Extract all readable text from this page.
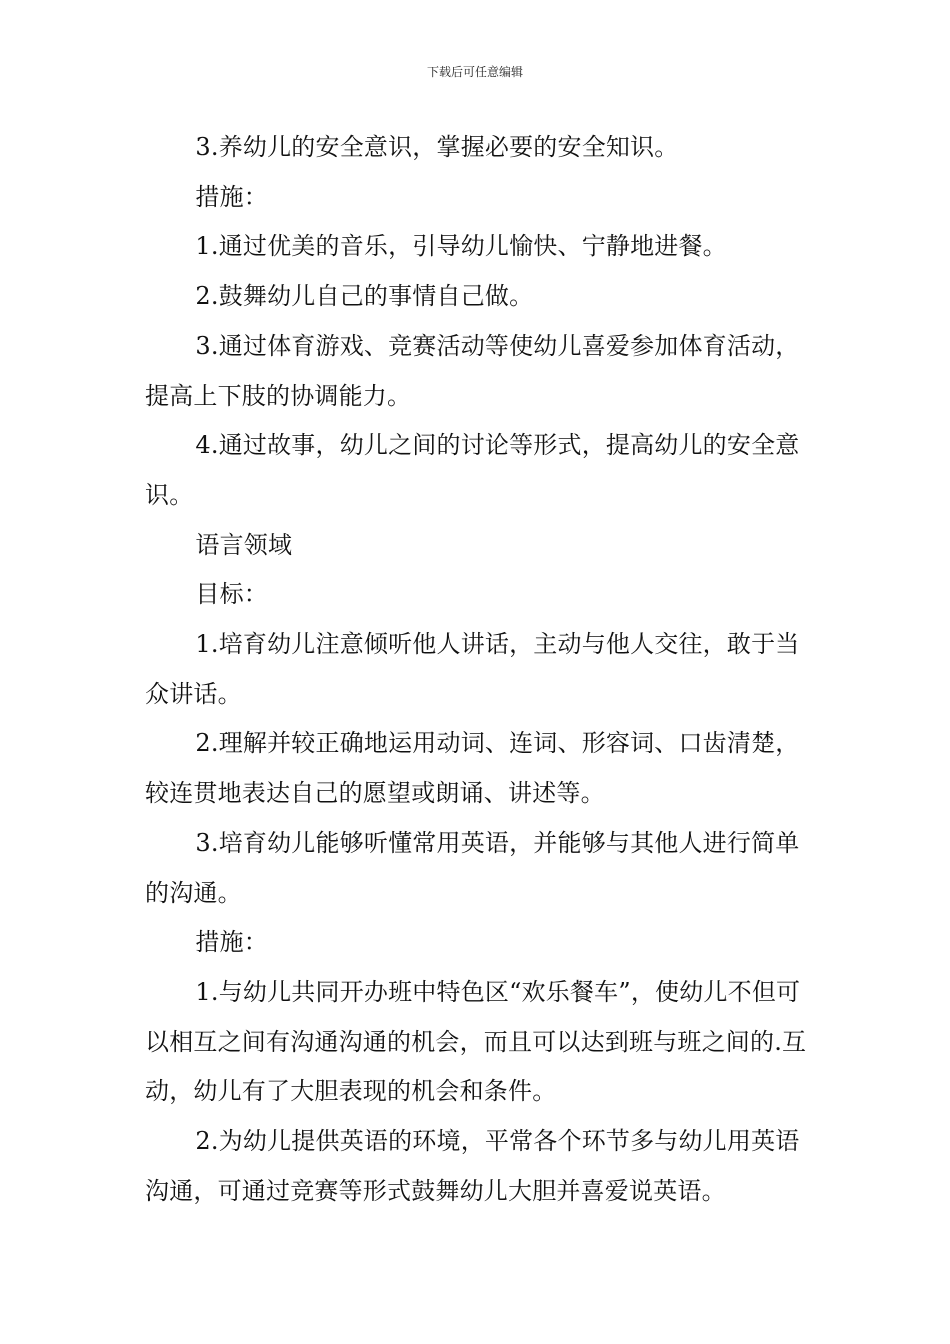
下载后可任意编辑

3.养幼儿的安全意识，掌握必要的安全知识。

措施：

1.通过优美的音乐，引导幼儿愉快、宁静地进餐。

2.鼓舞幼儿自己的事情自己做。

3.通过体育游戏、竞赛活动等使幼儿喜爱参加体育活动，提高上下肢的协调能力。

4.通过故事，幼儿之间的讨论等形式，提高幼儿的安全意识。

语言领域

目标：

1.培育幼儿注意倾听他人讲话，主动与他人交往，敢于当众讲话。

2.理解并较正确地运用动词、连词、形容词、口齿清楚，较连贯地表达自己的愿望或朗诵、讲述等。

3.培育幼儿能够听懂常用英语，并能够与其他人进行简单的沟通。

措施：

1.与幼儿共同开办班中特色区“欢乐餐车”，使幼儿不但可以相互之间有沟通沟通的机会，而且可以达到班与班之间的.互动，幼儿有了大胆表现的机会和条件。

2.为幼儿提供英语的环境，平常各个环节多与幼儿用英语沟通，可通过竞赛等形式鼓舞幼儿大胆并喜爱说英语。
